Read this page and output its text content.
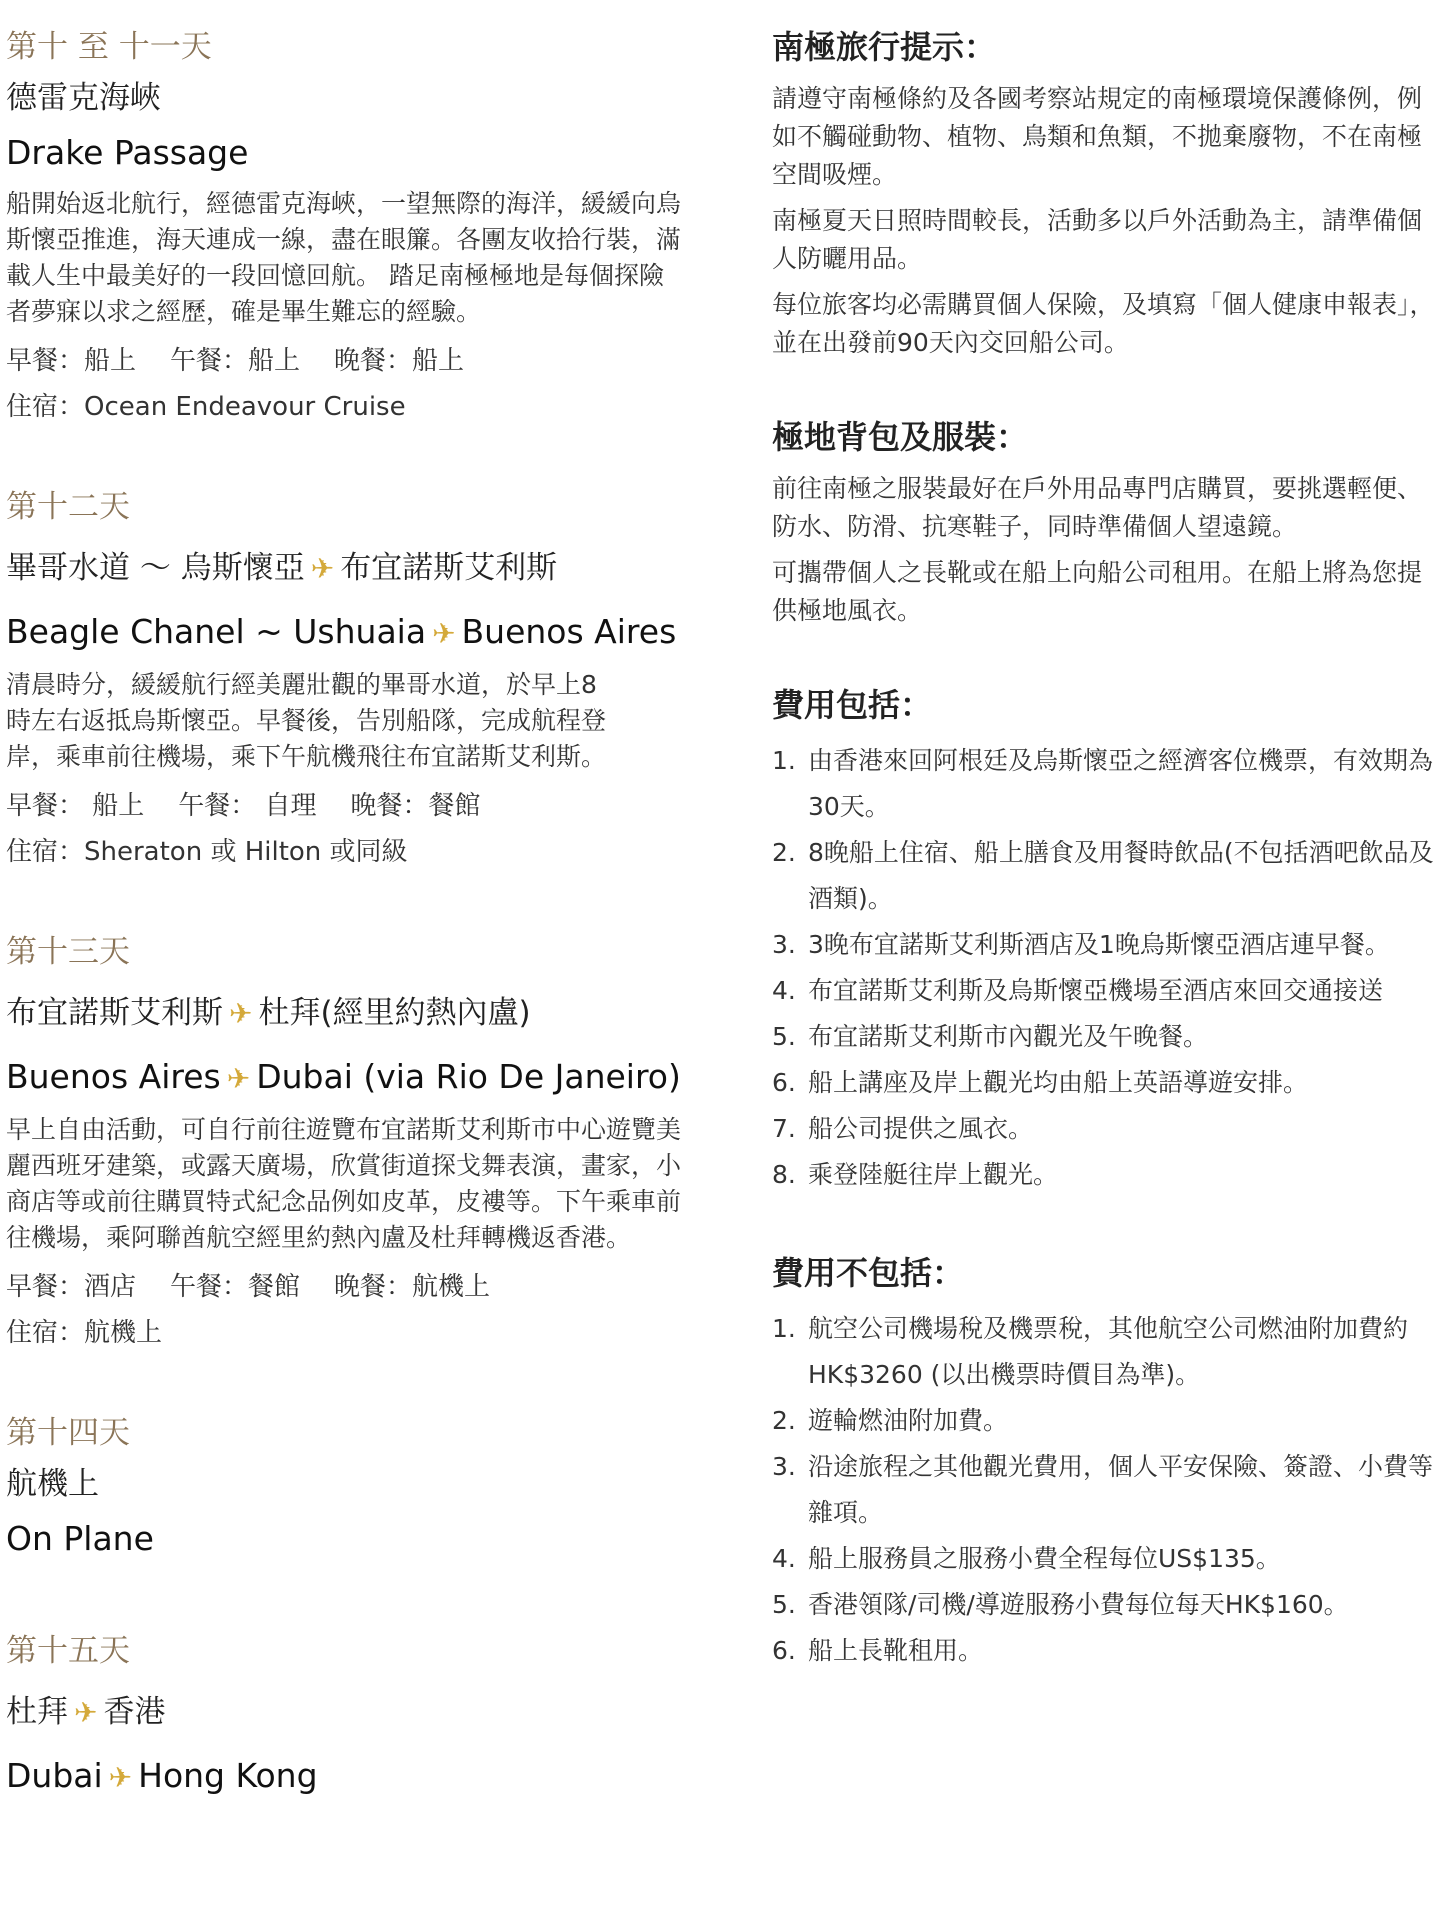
第十 至 十一天
德雷克海峽
Drake Passage
船開始返北航行，經德雷克海峽，一望無際的海洋，緩緩向烏斯懷亞推進，海天連成一線，盡在眼簾。各團友收拾行裝，滿載人生中最美好的一段回憶回航。 踏足南極極地是每個探險者夢寐以求之經歷，確是畢生難忘的經驗。
早餐：船上 午餐：船上 晚餐：船上
住宿：Ocean Endeavour Cruise
第十二天
畢哥水道 ～ 烏斯懷亞 ✈ 布宜諾斯艾利斯
Beagle Chanel ~ Ushuaia ✈ Buenos Aires
清晨時分，緩緩航行經美麗壯觀的畢哥水道，於早上8 時左右返抵烏斯懷亞。早餐後，告別船隊，完成航程登岸，乘車前往機場，乘下午航機飛往布宜諾斯艾利斯。
早餐： 船上 午餐： 自理 晚餐：餐館
住宿：Sheraton 或 Hilton 或同級
第十三天
布宜諾斯艾利斯 ✈ 杜拜(經里約熱內盧)
Buenos Aires ✈ Dubai (via Rio De Janeiro)
早上自由活動，可自行前往遊覽布宜諾斯艾利斯市中心遊覽美麗西班牙建築，或露天廣場，欣賞街道探戈舞表演，畫家，小商店等或前往購買特式紀念品例如皮革，皮褸等。下午乘車前往機場，乘阿聯酋航空經里約熱內盧及杜拜轉機返香港。
早餐：酒店 午餐：餐館 晚餐：航機上
住宿：航機上
第十四天
航機上
On Plane
第十五天
杜拜 ✈ 香港
Dubai ✈ Hong Kong
南極旅行提示：

請遵守南極條約及各國考察站規定的南極環境保護條例，例如不觸碰動物、植物、鳥類和魚類，不拋棄廢物，不在南極空間吸煙。

南極夏天日照時間較長，活動多以戶外活動為主，請準備個人防曬用品。

每位旅客均必需購買個人保險，及填寫「個人健康申報表」，並在出發前90天內交回船公司。

極地背包及服裝：

前往南極之服裝最好在戶外用品專門店購買，要挑選輕便、防水、防滑、抗寒鞋子，同時準備個人望遠鏡。

可攜帶個人之長靴或在船上向船公司租用。在船上將為您提供極地風衣。

費用包括：
1. 由香港來回阿根廷及烏斯懷亞之經濟客位機票，有效期為30天。
2. 8晚船上住宿、船上膳食及用餐時飲品(不包括酒吧飲品及酒類)。
3. 3晚布宜諾斯艾利斯酒店及1晚烏斯懷亞酒店連早餐。
4. 布宜諾斯艾利斯及烏斯懷亞機場至酒店來回交通接送
5. 布宜諾斯艾利斯市內觀光及午晚餐。
6. 船上講座及岸上觀光均由船上英語導遊安排。
7. 船公司提供之風衣。
8. 乘登陸艇往岸上觀光。
費用不包括：
1. 航空公司機場稅及機票稅，其他航空公司燃油附加費約HK$3260 (以出機票時價目為準)。
2. 遊輪燃油附加費。
3. 沿途旅程之其他觀光費用，個人平安保險、簽證、小費等雜項。
4. 船上服務員之服務小費全程每位US$135。
5. 香港領隊/司機/導遊服務小費每位每天HK$160。
6. 船上長靴租用。
